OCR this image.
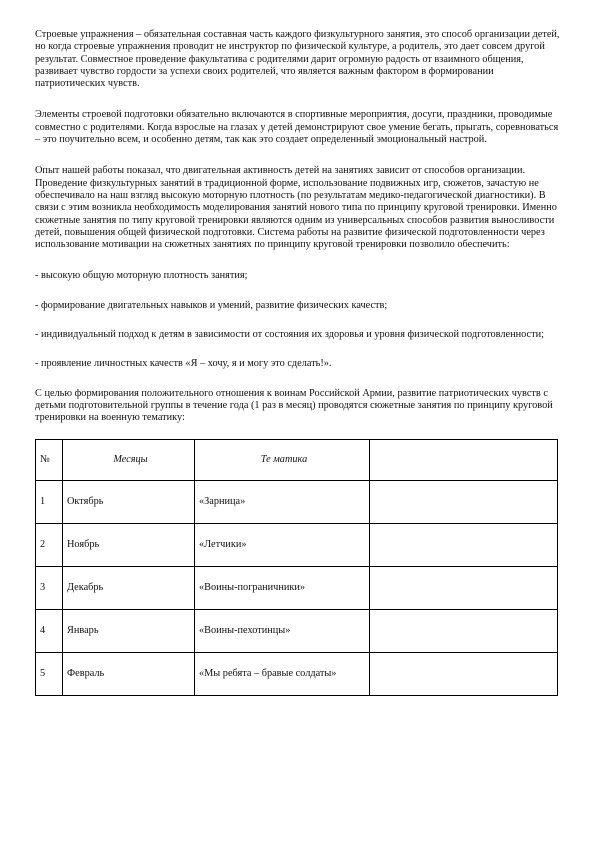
Строевые упражнения – обязательная составная часть каждого физкультурного занятия, это способ организации детей, но когда строевые упражнения проводит не инструктор по физической культуре, а родитель, это дает совсем другой результат. Совместное проведение факультатива с родителями дарит огромную радость от взаимного общения, развивает чувство гордости за успехи своих родителей, что является важным фактором в формировании патриотических чувств.

Элементы строевой подготовки обязательно включаются в спортивные мероприятия, досуги, праздники, проводимые совместно с родителями. Когда взрослые на глазах у детей демонстрируют свое умение бегать, прыгать, соревноваться – это поучительно всем, и особенно детям, так как это создает определенный эмоциональный настрой.

Опыт нашей работы показал, что двигательная активность детей на занятиях зависит от способов организации. Проведение физкультурных занятий в традиционной форме, использование подвижных игр, сюжетов, зачастую не обеспечивало на наш взгляд высокую моторную плотность (по результатам медико-педагогической диагностики). В связи с этим возникла необходимость моделирования занятий нового типа по принципу круговой тренировки. Именно сюжетные занятия по типу круговой тренировки являются одним из универсальных способов развития выносливости детей, повышения общей физической подготовки. Система работы на развитие физической подготовленности через использование мотивации на сюжетных занятиях по принципу круговой тренировки позволило обеспечить:

- высокую общую моторную плотность занятия;

- формирование двигательных навыков и умений, развитие физических качеств;

- индивидуальный подход к детям в зависимости от состояния их здоровья и уровня физической подготовленности;

- проявление личностных качеств «Я – хочу, я и могу это сделать!».

С целью формирования положительного отношения к воинам Российской Армии, развитие патриотических чувств с детьми подготовительной группы в течение года (1 раз в месяц) проводятся сюжетные занятия по принципу круговой тренировки на военную тематику:

№	Месяцы	Те матика	
1	Октябрь	«Зарница»	
2	Ноябрь	«Летчики»	
3	Декабрь	«Воины-пограничники»	
4	Январь	«Воины-пехотинцы»	
5	Февраль	«Мы ребята – бравые солдаты»	
